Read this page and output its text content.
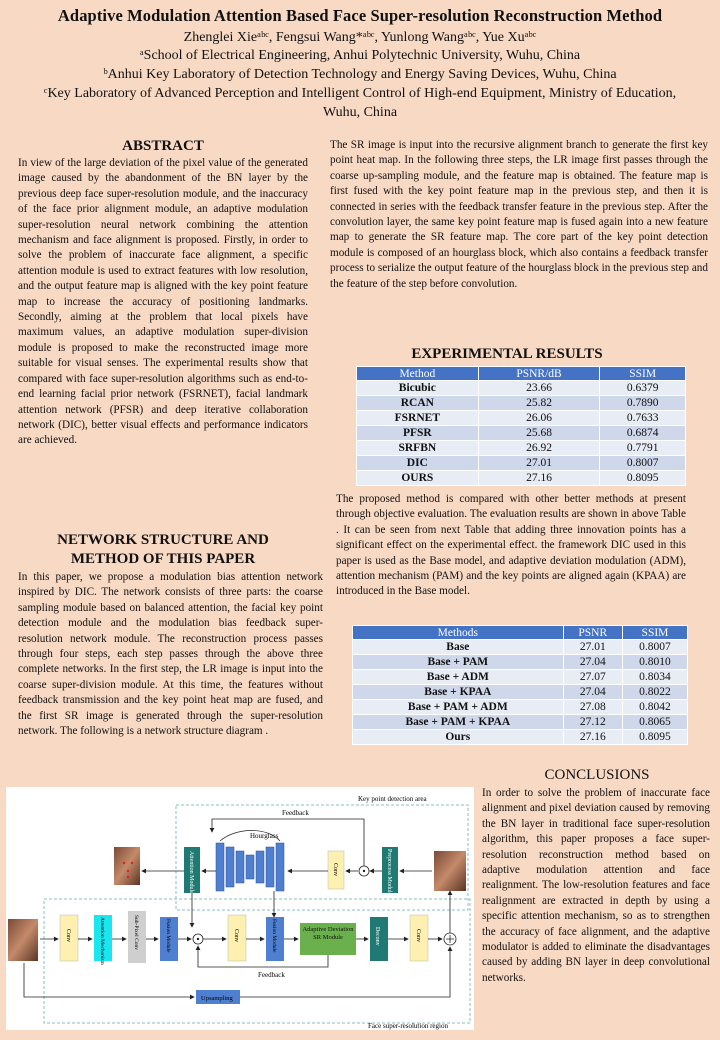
Adaptive Modulation Attention Based Face Super-resolution Reconstruction Method
Zhenglei Xieᵃᵇᶜ, Fengsui Wang*ᵃᵇᶜ, Yunlong Wangᵃᵇᶜ, Yue Xuᵃᵇᶜ
ᵃSchool of Electrical Engineering, Anhui Polytechnic University, Wuhu, China
ᵇAnhui Key Laboratory of Detection Technology and Energy Saving Devices, Wuhu, China
ᶜKey Laboratory of Advanced Perception and Intelligent Control of High-end Equipment, Ministry of Education, Wuhu, China
ABSTRACT
In view of the large deviation of the pixel value of the generated image caused by the abandonment of the BN layer by the previous deep face super-resolution module, and the inaccuracy of the face prior alignment module, an adaptive modulation super-resolution neural network combining the attention mechanism and face alignment is proposed. Firstly, in order to solve the problem of inaccurate face alignment, a specific attention module is used to extract features with low resolution, and the output feature map is aligned with the key point feature map to increase the accuracy of positioning landmarks. Secondly, aiming at the problem that local pixels have maximum values, an adaptive modulation super-division module is proposed to make the reconstructed image more suitable for visual senses. The experimental results show that compared with face super-resolution algorithms such as end-to-end learning facial prior network (FSRNET), facial landmark attention network (PFSR) and deep iterative collaboration network (DIC), better visual effects and performance indicators are achieved.
NETWORK STRUCTURE AND
METHOD OF THIS PAPER
In this paper, we propose a modulation bias attention network inspired by DIC. The network consists of three parts: the coarse sampling module based on balanced attention, the facial key point detection module and the modulation bias feedback super-resolution network module. The reconstruction process passes through four steps, each step passes through the above three complete networks. In the first step, the LR image is input into the coarse super-division module. At this time, the features without feedback transmission and the key point heat map are fused, and the first SR image is generated through the super-resolution network. The following is a network structure diagram .
The SR image is input into the recursive alignment branch to generate the first key point heat map. In the following three steps, the LR image first passes through the coarse up-sampling module, and the feature map is obtained. The feature map is first fused with the key point feature map in the previous step, and then it is connected in series with the feedback transfer feature in the previous step. After the convolution layer, the same key point feature map is fused again into a new feature map to generate the SR feature map. The core part of the key point detection module is composed of an hourglass block, which also contains a feedback transfer process to serialize the output feature of the hourglass block in the previous step and the feature of the step before convolution.
EXPERIMENTAL RESULTS
Method	PSNR/dB	SSIM
Bicubic	23.66	0.6379
RCAN	25.82	0.7890
FSRNET	26.06	0.7633
PFSR	25.68	0.6874
SRFBN	26.92	0.7791
DIC	27.01	0.8007
OURS	27.16	0.8095
The proposed method is compared with other better methods at present through objective evaluation. The evaluation results are shown in above Table . It can be seen from next Table that adding three innovation points has a significant effect on the experimental effect. the framework DIC used in this paper is used as the Base model, and adaptive deviation modulation (ADM), attention mechanism (PAM) and the key points are aligned again (KPAA) are introduced in the Base model.
Methods	PSNR	SSIM
Base	27.01	0.8007
Base + PAM	27.04	0.8010
Base + ADM	27.07	0.8034
Base + KPAA	27.04	0.8022
Base + PAM + ADM	27.08	0.8042
Base + PAM + KPAA	27.12	0.8065
Ours	27.16	0.8095
CONCLUSIONS
In order to solve the problem of inaccurate face alignment and pixel deviation caused by removing the BN layer in traditional face super-resolution algorithm, this paper proposes a face super-resolution reconstruction method based on adaptive modulation attention and face realignment. The low-resolution features and face realignment are extracted in depth by using a specific attention mechanism, so as to strengthen the accuracy of face alignment, and the adaptive modulator is added to eliminate the disadvantages caused by adding BN layer in deep convolutional networks.
Key point detection area
Face super-resolution region
Feedback
Hourglass
Attention Module	Conv	Preprocess Module
Conv	Attention Mechanism	Sub-Pixel Conv	Fusion Module	Conv	Fusion Module	Adaptive Deviation SR Module	Deconv	Conv
Feedback
Upsampling
